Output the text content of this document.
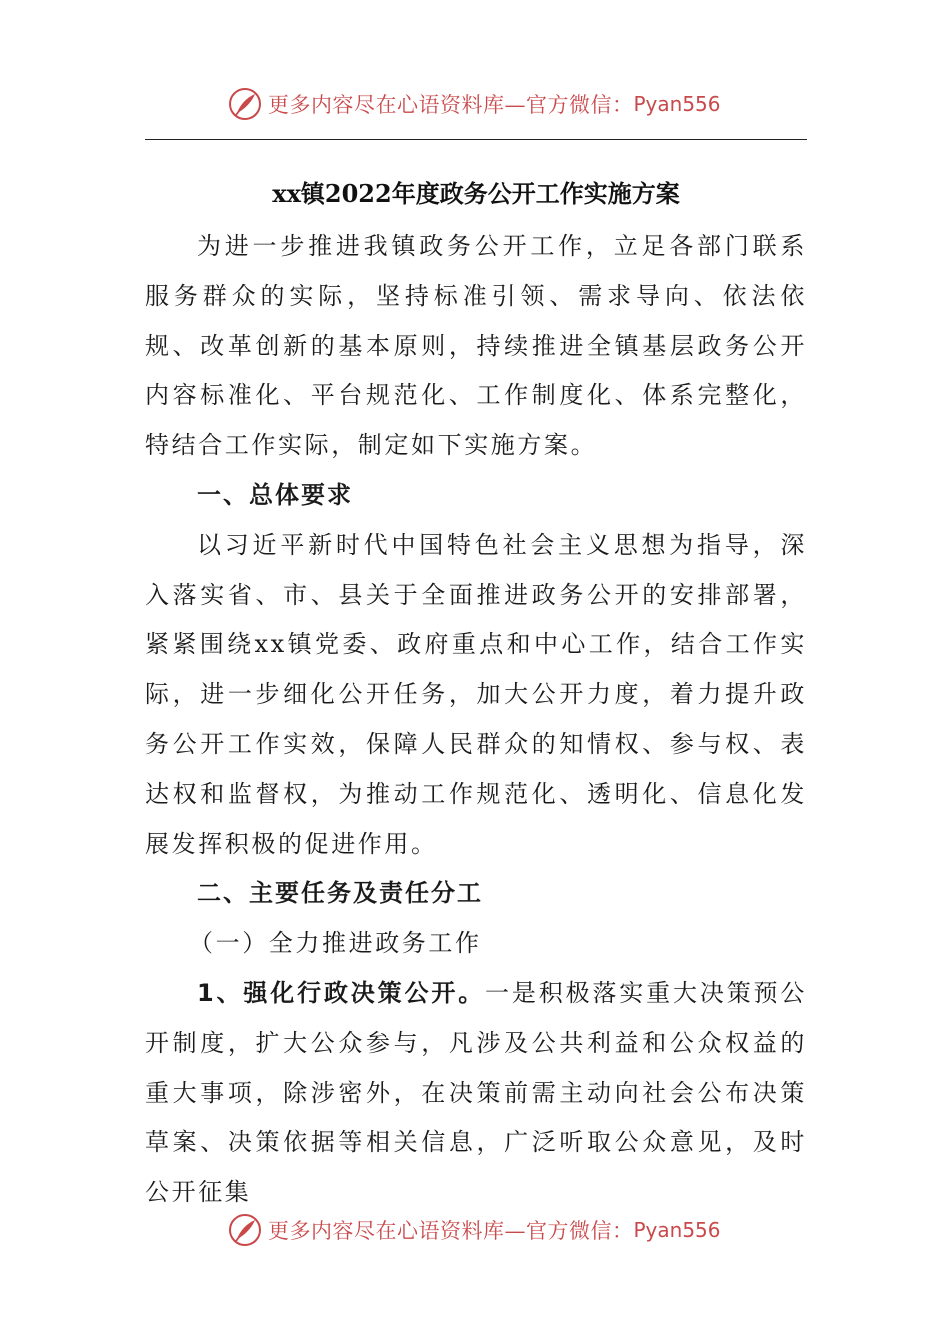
更多内容尽在心语资料库—官方微信： Pyan556
xx镇2022年度政务公开工作实施方案

为进一步推进我镇政务公开工作，立足各部门联系服务群众的实际，坚持标准引领、需求导向、依法依规、改革创新的基本原则，持续推进全镇基层政务公开内容标准化、平台规范化、工作制度化、体系完整化，特结合工作实际，制定如下实施方案。

一、总体要求

以习近平新时代中国特色社会主义思想为指导，深入落实省、市、县关于全面推进政务公开的安排部署，紧紧围绕xx镇党委、政府重点和中心工作，结合工作实际，进一步细化公开任务，加大公开力度，着力提升政务公开工作实效，保障人民群众的知情权、参与权、表达权和监督权，为推动工作规范化、透明化、信息化发展发挥积极的促进作用。

二、主要任务及责任分工

（一）全力推进政务工作

1、强化行政决策公开。一是积极落实重大决策预公开制度，扩大公众参与，凡涉及公共利益和公众权益的重大事项，除涉密外，在决策前需主动向社会公布决策草案、决策依据等相关信息，广泛听取公众意见，及时公开征集

更多内容尽在心语资料库—官方微信： Pyan556
